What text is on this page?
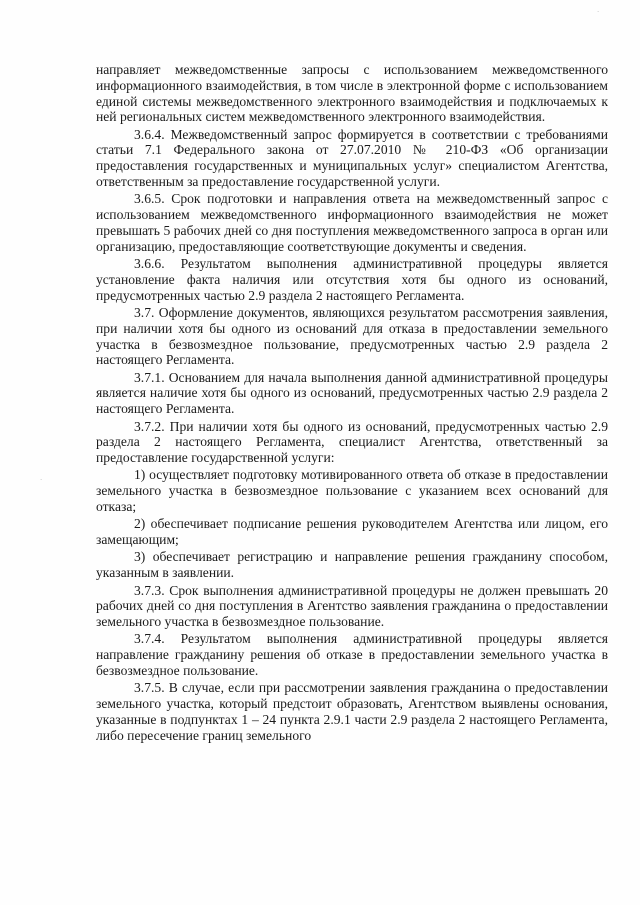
.
.

направляет межведомственные запросы с использованием межведомственного информационного взаимодействия, в том числе в электронной форме с использованием единой системы межведомственного электронного взаимодействия и подключаемых к ней региональных систем межведомственного электронного взаимодействия.

3.6.4. Межведомственный запрос формируется в соответствии с требованиями статьи 7.1 Федерального закона от 27.07.2010 № 210-ФЗ «Об организации предоставления государственных и муниципальных услуг» специалистом Агентства, ответственным за предоставление государственной услуги.

3.6.5. Срок подготовки и направления ответа на межведомственный запрос с использованием межведомственного информационного взаимодействия не может превышать 5 рабочих дней со дня поступления межведомственного запроса в орган или организацию, предоставляющие соответствующие документы и сведения.

3.6.6. Результатом выполнения административной процедуры является установление факта наличия или отсутствия хотя бы одного из оснований, предусмотренных частью 2.9 раздела 2 настоящего Регламента.

3.7. Оформление документов, являющихся результатом рассмотрения заявления, при наличии хотя бы одного из оснований для отказа в предоставлении земельного участка в безвозмездное пользование, предусмотренных частью 2.9 раздела 2 настоящего Регламента.

3.7.1. Основанием для начала выполнения данной административной процедуры является наличие хотя бы одного из оснований, предусмотренных частью 2.9 раздела 2 настоящего Регламента.

3.7.2. При наличии хотя бы одного из оснований, предусмотренных частью 2.9 раздела 2 настоящего Регламента, специалист Агентства, ответственный за предоставление государственной услуги:

1) осуществляет подготовку мотивированного ответа об отказе в предоставлении земельного участка в безвозмездное пользование с указанием всех оснований для отказа;

2) обеспечивает подписание решения руководителем Агентства или лицом, его замещающим;

3) обеспечивает регистрацию и направление решения гражданину способом, указанным в заявлении.

3.7.3. Срок выполнения административной процедуры не должен превышать 20 рабочих дней со дня поступления в Агентство заявления гражданина о предоставлении земельного участка в безвозмездное пользование.

3.7.4. Результатом выполнения административной процедуры является направление гражданину решения об отказе в предоставлении земельного участка в безвозмездное пользование.

3.7.5. В случае, если при рассмотрении заявления гражданина о предоставлении земельного участка, который предстоит образовать, Агентством выявлены основания, указанные в подпунктах 1 – 24 пункта 2.9.1 части 2.9 раздела 2 настоящего Регламента, либо пересечение границ земельного
